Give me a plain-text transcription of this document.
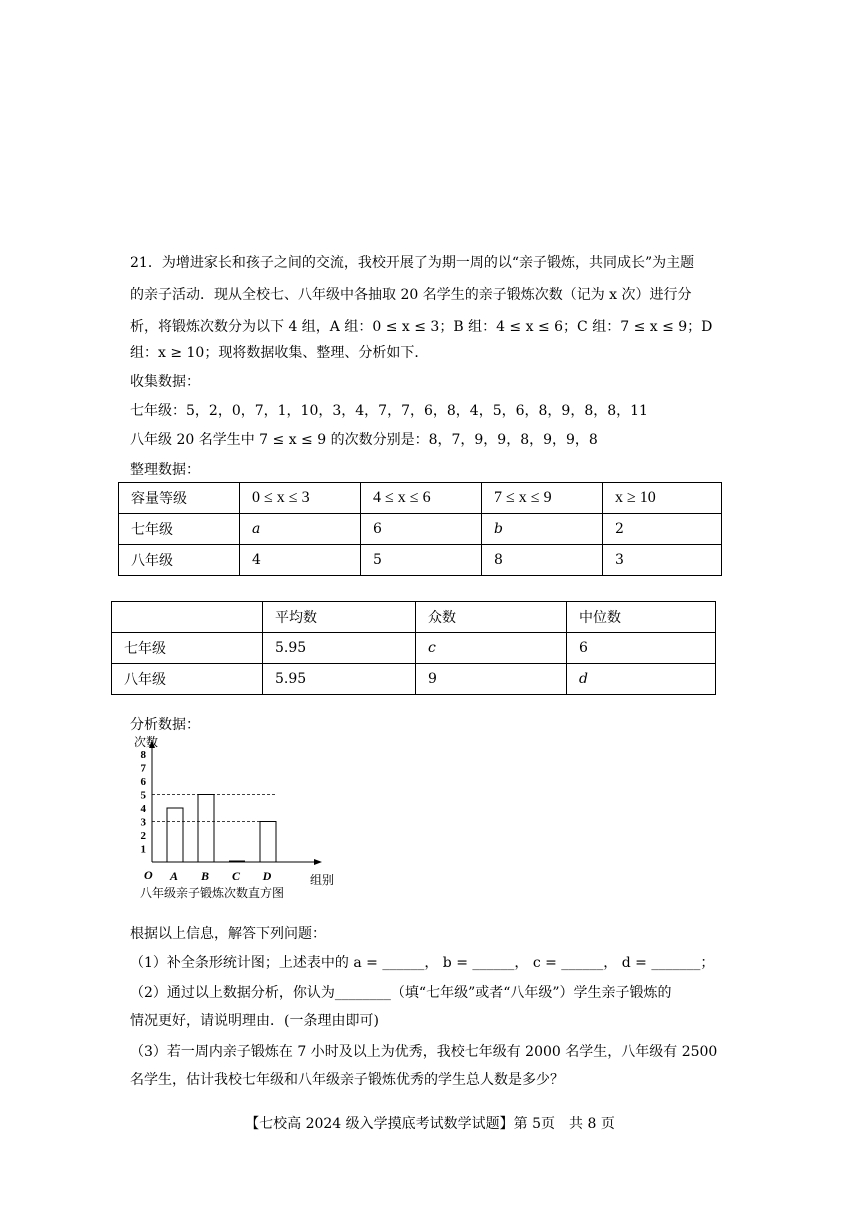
21．为增进家长和孩子之间的交流，我校开展了为期一周的以“亲子锻炼，共同成长”为主题
的亲子活动．现从全校七、八年级中各抽取 20 名学生的亲子锻炼次数（记为 x 次）进行分
析，将锻炼次数分为以下 4 组，A 组：0 ≤ x ≤ 3；B 组：4 ≤ x ≤ 6；C 组：7 ≤ x ≤ 9；D
组：x ≥ 10；现将数据收集、整理、分析如下．
收集数据：
七年级：5，2，0，7，1，10，3，4，7，7，6，8，4，5，6，8，9，8，8，11
八年级 20 名学生中 7 ≤ x ≤ 9 的次数分别是：8，7，9，9，8，9，9，8
整理数据：
容量等级	0 ≤ x ≤ 3	4 ≤ x ≤ 6	7 ≤ x ≤ 9	x ≥ 10
七年级	a	6	b	2
八年级	4	5	8	3
	平均数	众数	中位数
七年级	5.95	c	6
八年级	5.95	9	d
分析数据：
次数
1
2
3
4
5
6
7
8
O A B C D	组别
八年级亲子锻炼次数直方图
根据以上信息，解答下列问题：
（1）补全条形统计图；上述表中的 a = ______， b = ______， c = ______， d = _______；
（2）通过以上数据分析，你认为________（填“七年级”或者“八年级”）学生亲子锻炼的
情况更好，请说明理由．(一条理由即可)
（3）若一周内亲子锻炼在 7 小时及以上为优秀，我校七年级有 2000 名学生，八年级有 2500
名学生，估计我校七年级和八年级亲子锻炼优秀的学生总人数是多少？
【七校高 2024 级入学摸底考试数学试题】第 5页　共 8 页
